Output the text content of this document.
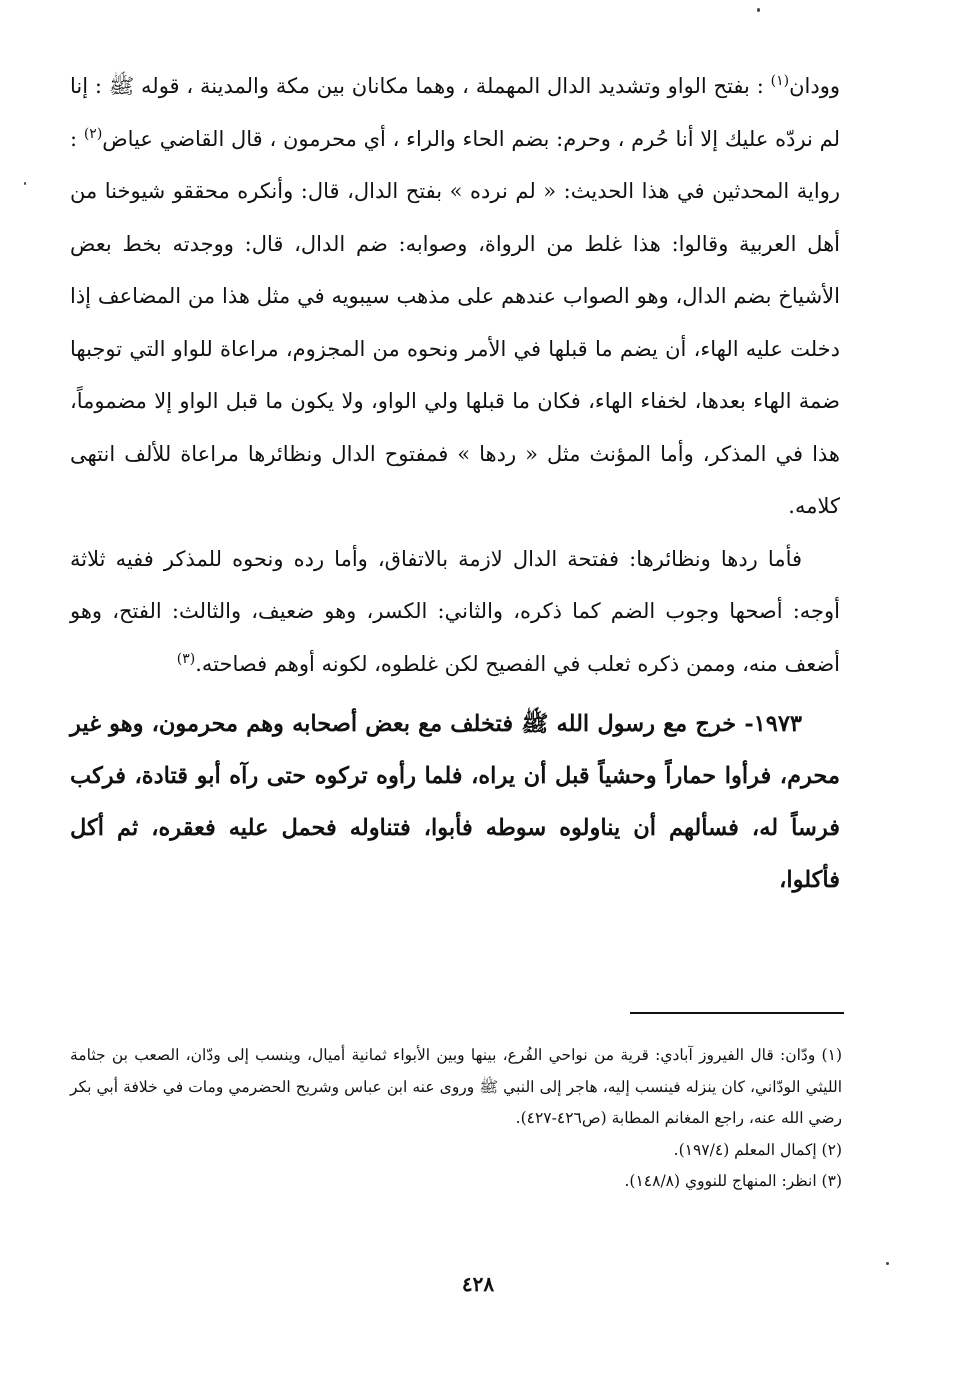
وودان$^{(١)}$ : بفتح الواو وتشديد الدال المهملة ، وهما مكانان بين مكة والمدينة ، قوله ﷺ : إنا لم نردّه عليك إلا أنا حُرم ، وحرم: بضم الحاء والراء ، أي محرمون ، قال القاضي عياض$^{(٢)}$ : رواية المحدثين في هذا الحديث: « لم نرده » بفتح الدال، قال: وأنكره محققو شيوخنا من أهل العربية وقالوا: هذا غلط من الرواة، وصوابه: ضم الدال، قال: ووجدته بخط بعض الأشياخ بضم الدال، وهو الصواب عندهم على مذهب سيبويه في مثل هذا من المضاعف إذا دخلت عليه الهاء، أن يضم ما قبلها في الأمر ونحوه من المجزوم، مراعاة للواو التي توجبها ضمة الهاء بعدها، لخفاء الهاء، فكان ما قبلها ولي الواو، ولا يكون ما قبل الواو إلا مضموماً، هذا في المذكر، وأما المؤنث مثل « ردها » فمفتوح الدال ونظائرها مراعاة للألف انتهى كلامه.

فأما ردها ونظائرها: ففتحة الدال لازمة بالاتفاق، وأما رده ونحوه للمذكر ففيه ثلاثة أوجه: أصحها وجوب الضم كما ذكره، والثاني: الكسر، وهو ضعيف، والثالث: الفتح، وهو أضعف منه، وممن ذكره ثعلب في الفصيح لكن غلطوه، لكونه أوهم فصاحته.$^{(٣)}$

١٩٧٣- خرج مع رسول الله ﷺ فتخلف مع بعض أصحابه وهم محرمون، وهو غير محرم، فرأوا حماراً وحشياً قبل أن يراه، فلما رأوه تركوه حتى رآه أبو قتادة، فركب فرساً له، فسألهم أن يناولوه سوطه فأبوا، فتناوله فحمل عليه فعقره، ثم أكل فأكلوا،

(١) ودّان: قال الفيروز آبادي: قرية من نواحي الفُرع، بينها وبين الأبواء ثمانية أميال، وينسب إلى ودّان، الصعب بن جثامة الليثي الودّاني، كان ينزله فينسب إليه، هاجر إلى النبي ﷺ وروى عنه ابن عباس وشريح الحضرمي ومات في خلافة أبي بكر رضي الله عنه، راجع المغانم المطابة (ص٤٢٦-٤٢٧).

(٢) إكمال المعلم (١٩٧/٤).

(٣) انظر: المنهاج للنووي (١٤٨/٨).

٤٢٨
